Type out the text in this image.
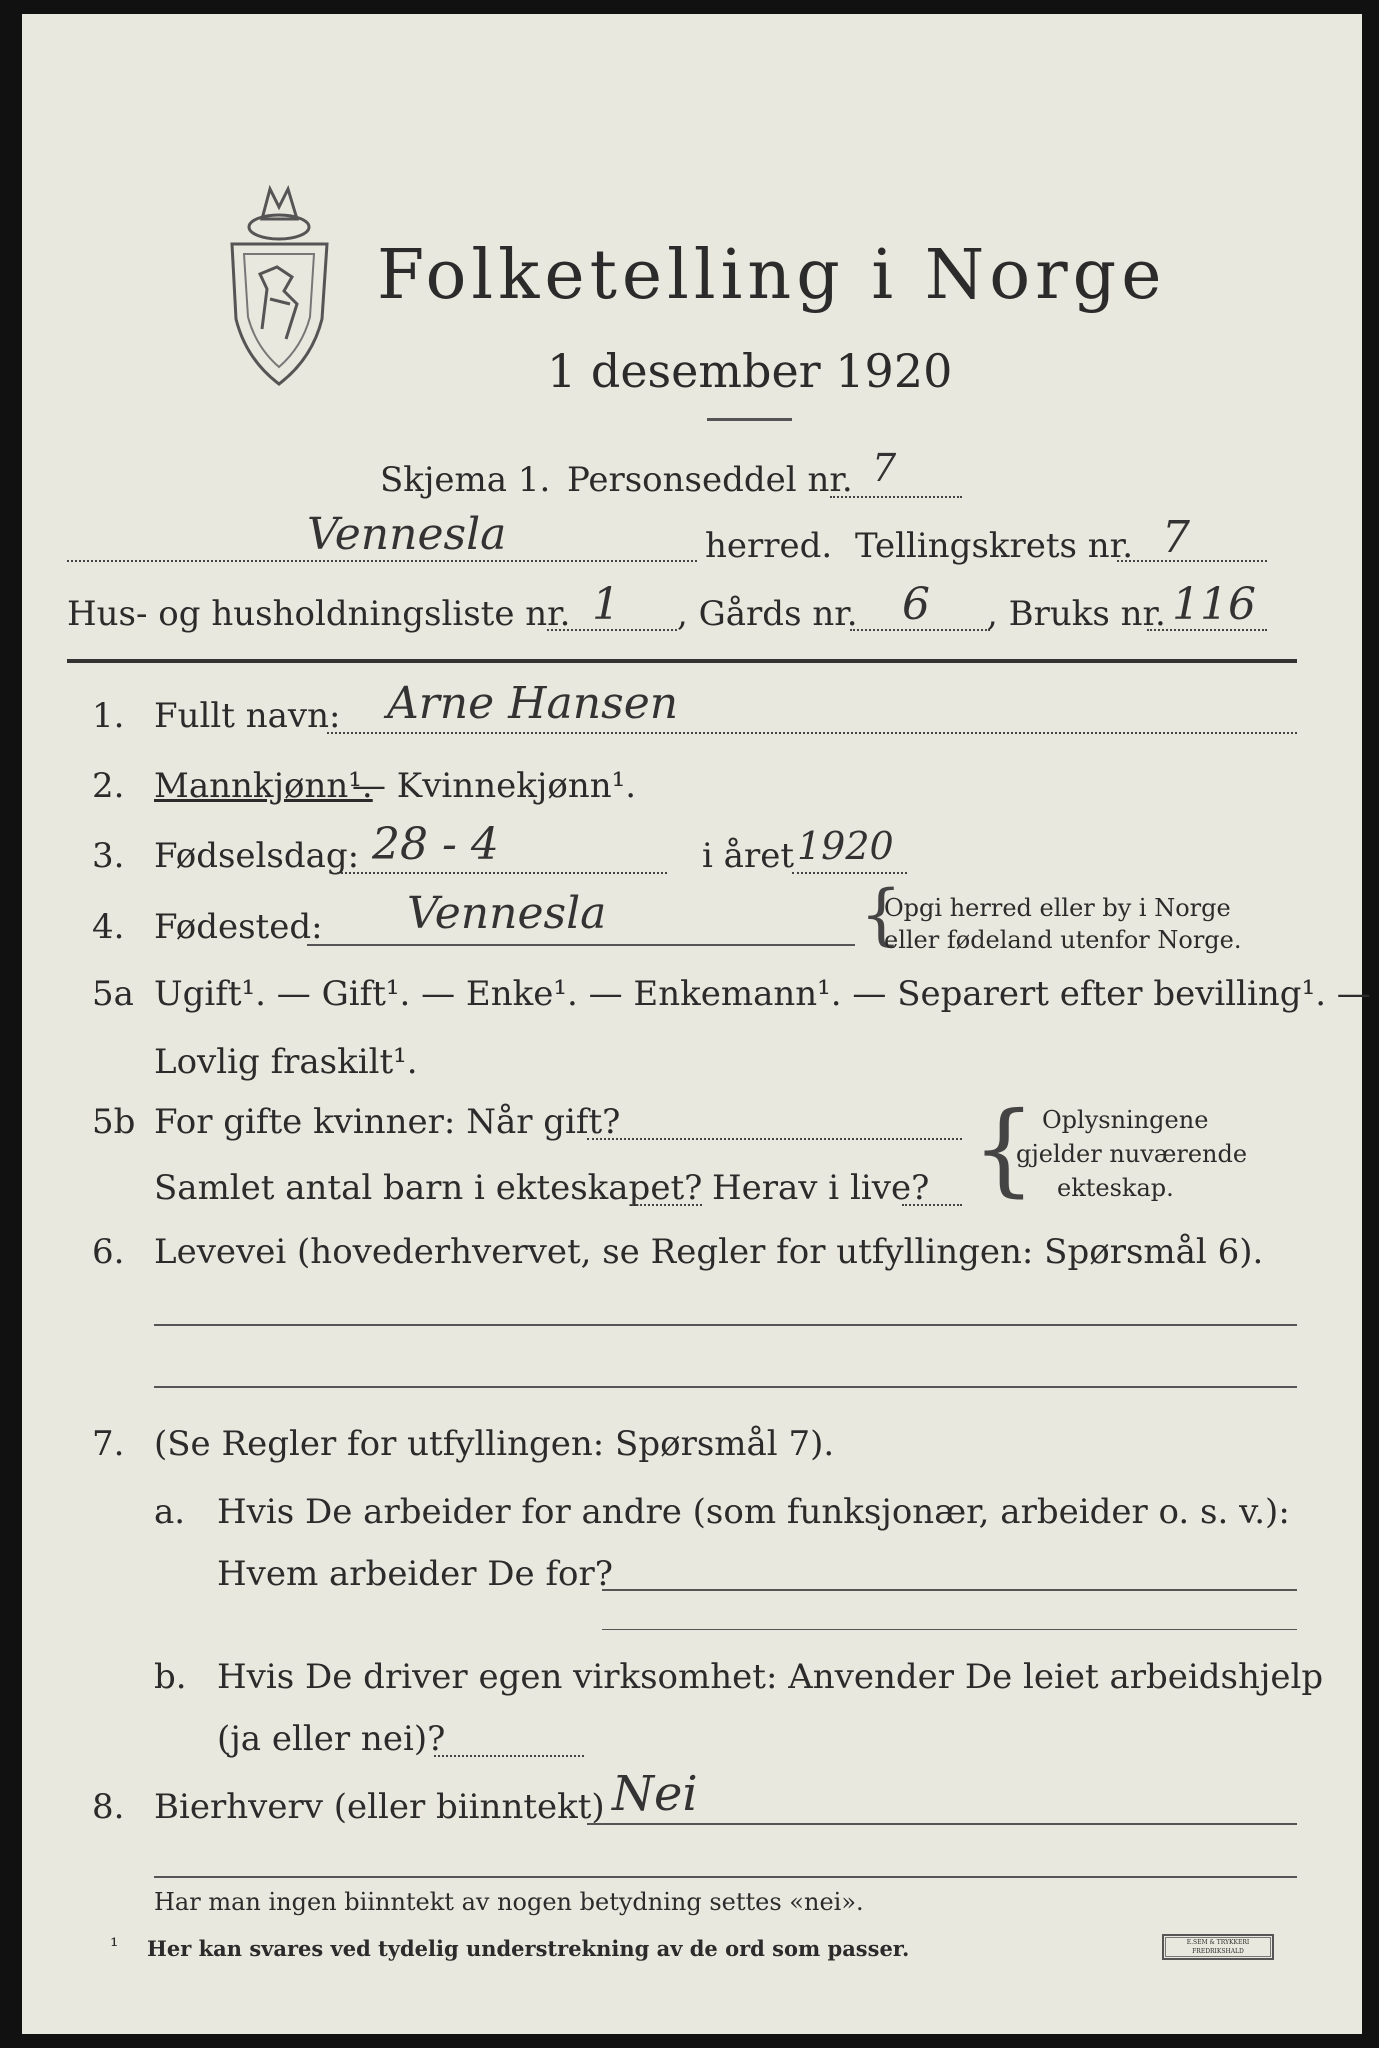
Folketelling i Norge
1 desember 1920
Skjema 1. Personseddel nr. 7
Vennesla	herred. Tellingskrets nr. 7
Hus- og husholdningsliste nr. 1 , Gårds nr. 6 , Bruks nr. 116
1. Fullt navn: Arne Hansen
2. Mannkjønn¹.
— Kvinnekjønn¹.
3. Fødselsdag: 28 - 4	i året 1920
4. Fødested: Vennesla	{
Opgi herred eller by i Norge
eller fødeland utenfor Norge.
5a Ugift¹. — Gift¹. — Enke¹. — Enkemann¹. — Separert efter bevilling¹. —
Lovlig fraskilt¹.
5b For gifte kvinner: Når gift?
Samlet antal barn i ekteskapet? Herav i live? { Oplysningene
gjelder nuværende
ekteskap.
6. Levevei (hovederhvervet, se Regler for utfyllingen: Spørsmål 6).
7. (Se Regler for utfyllingen: Spørsmål 7).
a. Hvis De arbeider for andre (som funksjonær, arbeider o. s. v.):
Hvem arbeider De for?
b. Hvis De driver egen virksomhet: Anvender De leiet arbeidshjelp
(ja eller nei)?
8. Bierhverv (eller biinntekt) Nei
Har man ingen biinntekt av nogen betydning settes «nei».
¹ Her kan svares ved tydelig understrekning av de ord som passer.	E.SEM & TRYKKERI FREDRIKSHALD
